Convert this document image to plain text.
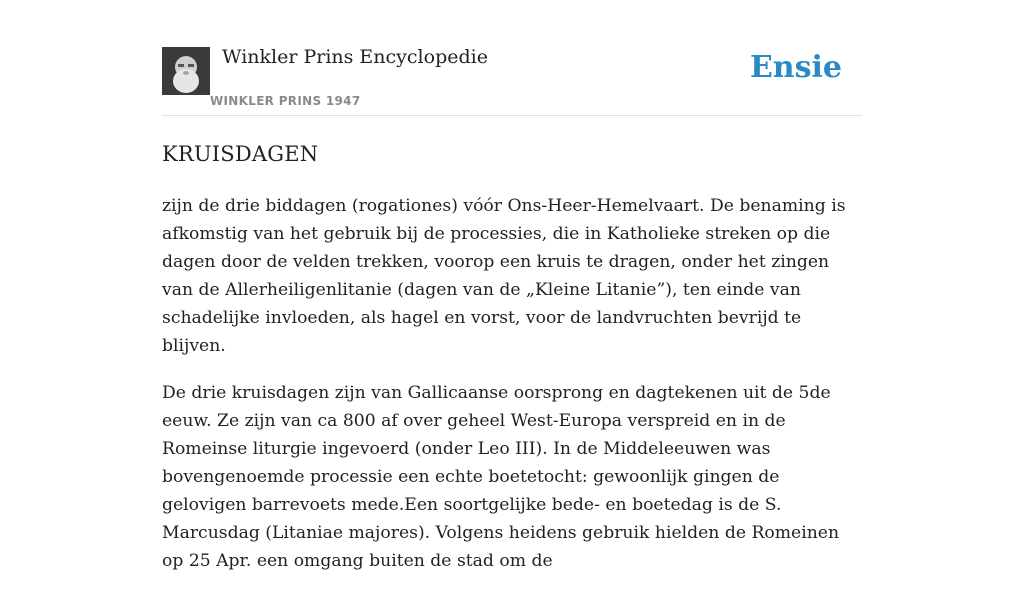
Winkler Prins Encyclopedie
WINKLER PRINS 1947
Ensie
KRUISDAGEN

zijn de drie biddagen (rogationes) vóór Ons-Heer-Hemelvaart. De benaming is afkomstig van het gebruik bij de processies, die in Katholieke streken op die dagen door de velden trekken, voorop een kruis te dragen, onder het zingen van de Allerheiligenlitanie (dagen van de „Kleine Litanie”), ten einde van schadelijke invloeden, als hagel en vorst, voor de landvruchten bevrijd te blijven.

De drie kruisdagen zijn van Gallicaanse oorsprong en dagtekenen uit de 5de eeuw. Ze zijn van ca 800 af over geheel West-Europa verspreid en in de Romeinse liturgie ingevoerd (onder Leo III). In de Middeleeuwen was bovengenoemde processie een echte boetetocht: gewoonlijk gingen de gelovigen barrevoets mede.Een soortgelijke bede- en boetedag is de S. Marcusdag (Litaniae majores). Volgens heidens gebruik hielden de Romeinen op 25 Apr. een omgang buiten de stad om de
